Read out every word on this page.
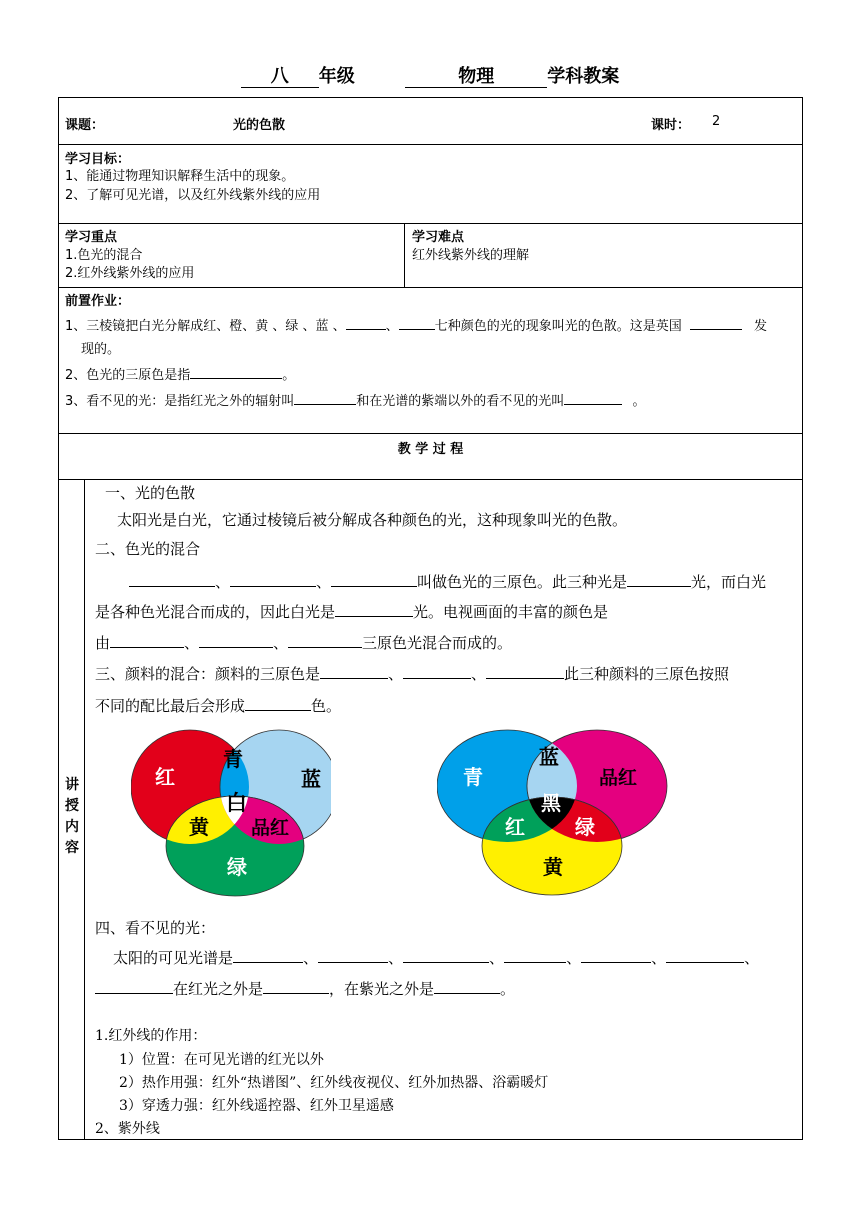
八 年级	物理	学科教案
课题：	光的色散	课时： 2
学习目标：
1、能通过物理知识解释生活中的现象。
2、了解可见光谱，以及红外线紫外线的应用
学习重点
1.色光的混合
2.红外线紫外线的应用
学习难点
红外线紫外线的理解
前置作业：
1、三棱镜把白光分解成红、橙、黄 、绿 、蓝 、	、	七种颜色的光的现象叫光的色散。这是英国	发
现的。
2、色光的三原色是指	。
3、看不见的光：是指红光之外的辐射叫	和在光谱的紫端以外的看不见的光叫	。
教 学 过 程
讲
授
内
容
一、光的色散
太阳光是白光，它通过棱镜后被分解成各种颜色的光，这种现象叫光的色散。
二、色光的混合
、	、	叫做色光的三原色。此三种光是	光，而白光
是各种色光混合而成的，因此白光是	光。电视画面的丰富的颜色是
由	、	、	三原色光混合而成的。
三、颜料的混合：颜料的三原色是	、	、	此三种颜料的三原色按照
不同的配比最后会形成	色。
红
青
蓝
白
黄 品红
绿
青
蓝
品红
黑
红	绿
黄
四、看不见的光：
太阳的可见光谱是	、	、	、	、	、	、
在红光之外是	，在紫光之外是	。
1.红外线的作用：
1）位置：在可见光谱的红光以外
2）热作用强：红外“热谱图”、红外线夜视仪、红外加热器、浴霸暖灯
3）穿透力强：红外线遥控器、红外卫星遥感
2、紫外线
